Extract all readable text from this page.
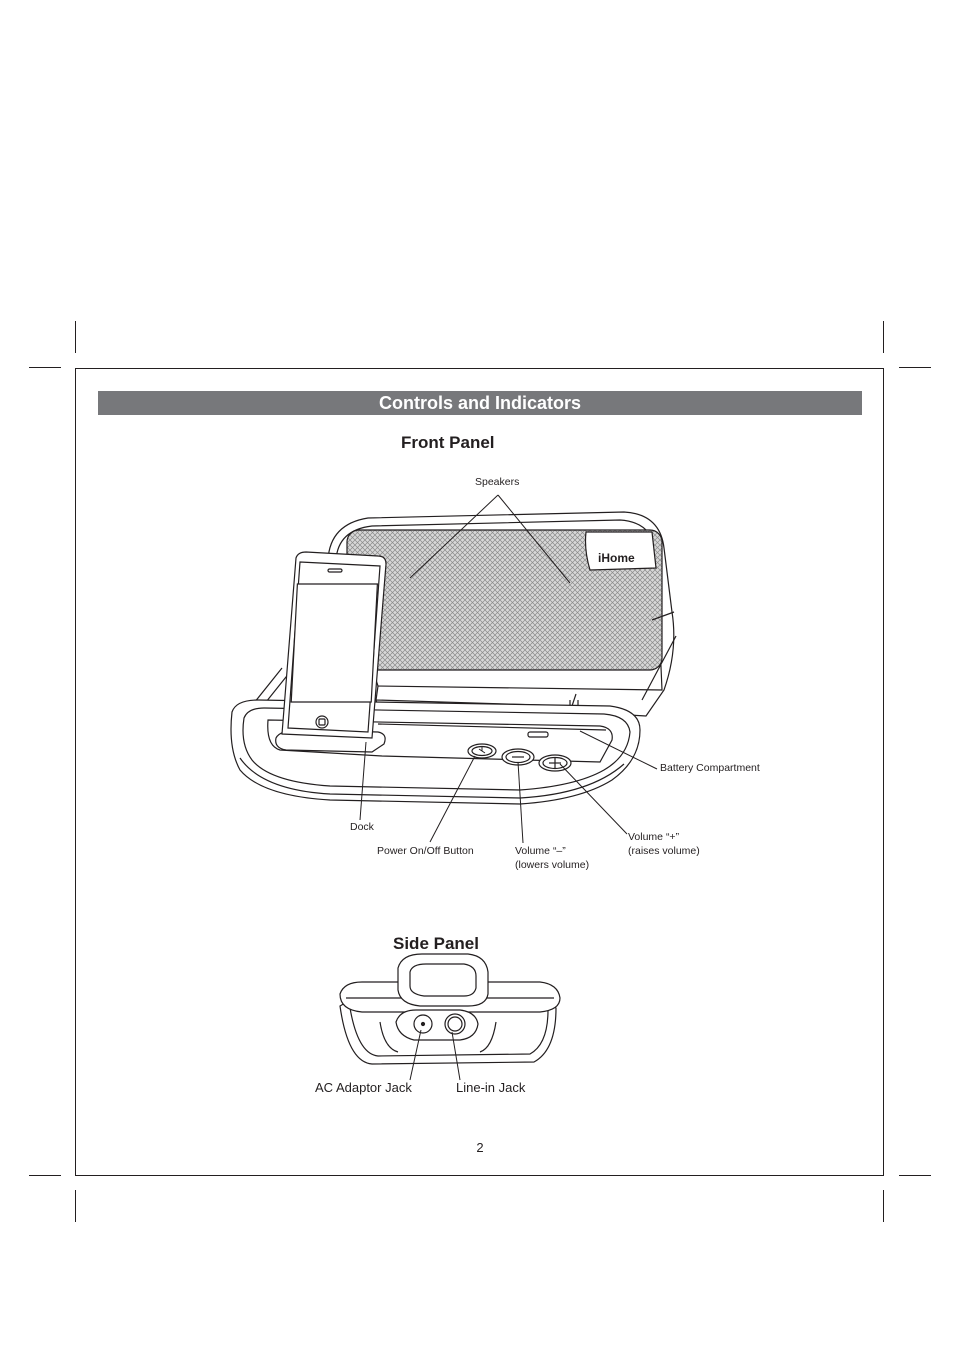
Controls and Indicators
Front Panel
iHome
Speakers
Battery Compartment
Dock
Power On/Off Button	Volume “–”
(lowers volume)
Volume “+”
(raises volume)
Side Panel
AC Adaptor Jack	Line-in Jack
2
